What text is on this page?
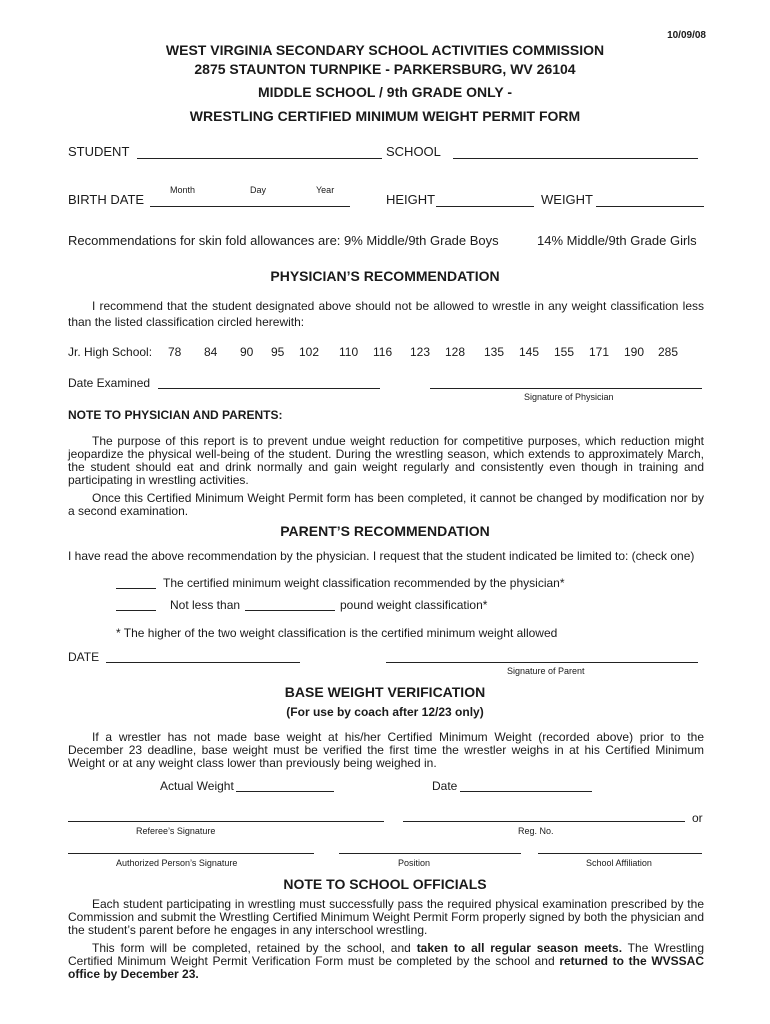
10/09/08
WEST VIRGINIA SECONDARY SCHOOL ACTIVITIES COMMISSION
2875 STAUNTON TURNPIKE - PARKERSBURG, WV 26104
MIDDLE SCHOOL / 9th GRADE ONLY -
WRESTLING CERTIFIED MINIMUM WEIGHT PERMIT FORM
STUDENT	SCHOOL
Month	Day	Year
BIRTH DATE	HEIGHT	WEIGHT
Recommendations for skin fold allowances are: 9% Middle/9th Grade Boys	14% Middle/9th Grade Girls
PHYSICIAN’S RECOMMENDATION
I recommend that the student designated above should not be allowed to wrestle in any weight classification less than the listed classification circled herewith:
Jr. High School: 78 84 90 95 102 110 116 123 128 135 145 155 171 190 285
Date Examined
Signature of Physician
NOTE TO PHYSICIAN AND PARENTS:
The purpose of this report is to prevent undue weight reduction for competitive purposes, which reduction might jeopardize the physical well-being of the student. During the wrestling season, which extends to approximately March, the student should eat and drink normally and gain weight regularly and consistently even though in training and participating in wrestling activities.
Once this Certified Minimum Weight Permit form has been completed, it cannot be changed by modification nor by a second examination.
PARENT’S RECOMMENDATION
I have read the above recommendation by the physician. I request that the student indicated be limited to: (check one)
The certified minimum weight classification recommended by the physician*
Not less than	pound weight classification*
* The higher of the two weight classification is the certified minimum weight allowed
DATE
Signature of Parent
BASE WEIGHT VERIFICATION
(For use by coach after 12/23 only)
If a wrestler has not made base weight at his/her Certified Minimum Weight (recorded above) prior to the December 23 deadline, base weight must be verified the first time the wrestler weighs in at his Certified Minimum Weight or at any weight class lower than previously being weighed in.
Actual Weight	Date
or
Referee’s Signature	Reg. No.
Authorized Person’s Signature	Position	School Affiliation
NOTE TO SCHOOL OFFICIALS
Each student participating in wrestling must successfully pass the required physical examination prescribed by the Commission and submit the Wrestling Certified Minimum Weight Permit Form properly signed by both the physician and the student’s parent before he engages in any interschool wrestling.
This form will be completed, retained by the school, and taken to all regular season meets. The Wrestling Certified Minimum Weight Permit Verification Form must be completed by the school and returned to the WVSSAC office by December 23.
